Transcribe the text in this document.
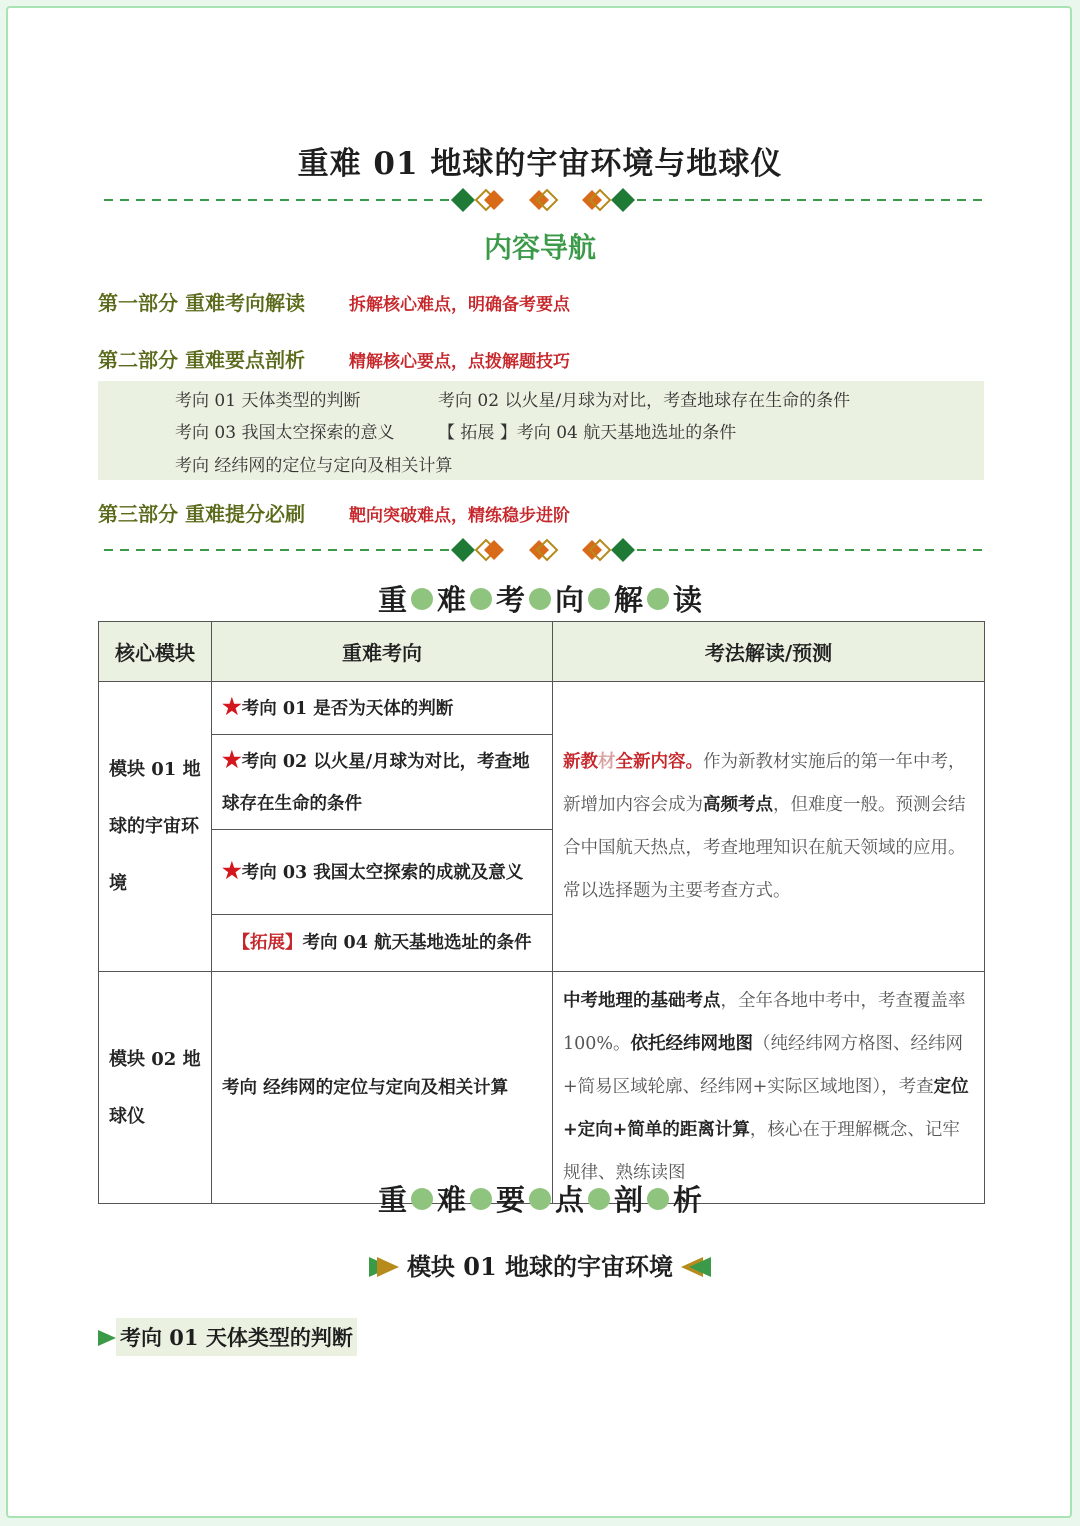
重难 01 地球的宇宙环境与地球仪
内容导航
第一部分 重难考向解读	拆解核心难点，明确备考要点
第二部分 重难要点剖析	精解核心要点，点拨解题技巧
考向 01 天体类型的判断	考向 02 以火星/月球为对比，考查地球存在生命的条件
考向 03 我国太空探索的意义	【 拓展 】考向 04 航天基地选址的条件
考向 经纬网的定位与定向及相关计算
第三部分 重难提分必刷	靶向突破难点，精练稳步进阶
重 难 考 向 解 读
核心模块	重难考向	考法解读/预测
模块 01 地球的宇宙环境	★考向 01 是否为天体的判断	新教材全新内容。作为新教材实施后的第一年中考，新增加内容会成为高频考点，但难度一般。预测会结合中国航天热点，考查地理知识在航天领域的应用。常以选择题为主要考查方式。
	★考向 02 以火星/月球为对比，考查地球存在生命的条件	
	★考向 03 我国太空探索的成就及意义	
	【拓展】考向 04 航天基地选址的条件	
模块 02 地球仪	考向 经纬网的定位与定向及相关计算	中考地理的基础考点，全年各地中考中，考查覆盖率 100%。依托经纬网地图（纯经纬网方格图、经纬网+简易区域轮廓、经纬网+实际区域地图），考查定位+定向+简单的距离计算，核心在于理解概念、记牢规律、熟练读图
重 难 要 点 剖 析
模块 01 地球的宇宙环境
考向 01 天体类型的判断
